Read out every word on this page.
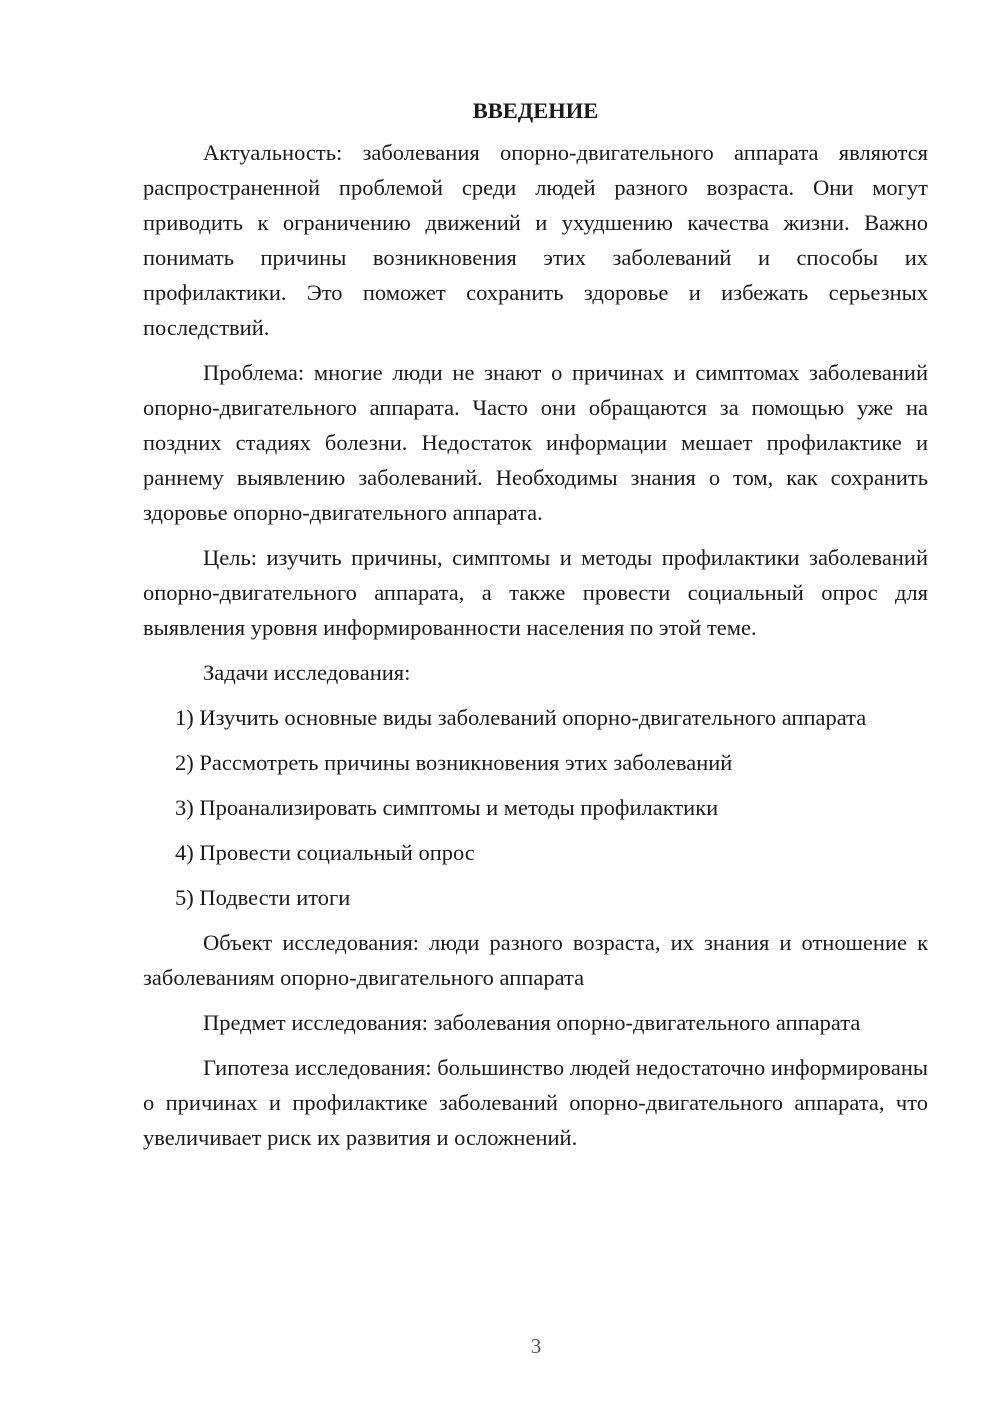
ВВЕДЕНИЕ

Актуальность: заболевания опорно-двигательного аппарата являются распространенной проблемой среди людей разного возраста. Они могут приводить к ограничению движений и ухудшению качества жизни. Важно понимать причины возникновения этих заболеваний и способы их профилактики. Это поможет сохранить здоровье и избежать серьезных последствий.

Проблема: многие люди не знают о причинах и симптомах заболеваний опорно-двигательного аппарата. Часто они обращаются за помощью уже на поздних стадиях болезни. Недостаток информации мешает профилактике и раннему выявлению заболеваний. Необходимы знания о том, как сохранить здоровье опорно-двигательного аппарата.

Цель: изучить причины, симптомы и методы профилактики заболеваний опорно-двигательного аппарата, а также провести социальный опрос для выявления уровня информированности населения по этой теме.

Задачи исследования:

1) Изучить основные виды заболеваний опорно-двигательного аппарата

2) Рассмотреть причины возникновения этих заболеваний

3) Проанализировать симптомы и методы профилактики

4) Провести социальный опрос

5) Подвести итоги

Объект исследования: люди разного возраста, их знания и отношение к заболеваниям опорно-двигательного аппарата

Предмет исследования: заболевания опорно-двигательного аппарата

Гипотеза исследования: большинство людей недостаточно информированы о причинах и профилактике заболеваний опорно-двигательного аппарата, что увеличивает риск их развития и осложнений.

3
